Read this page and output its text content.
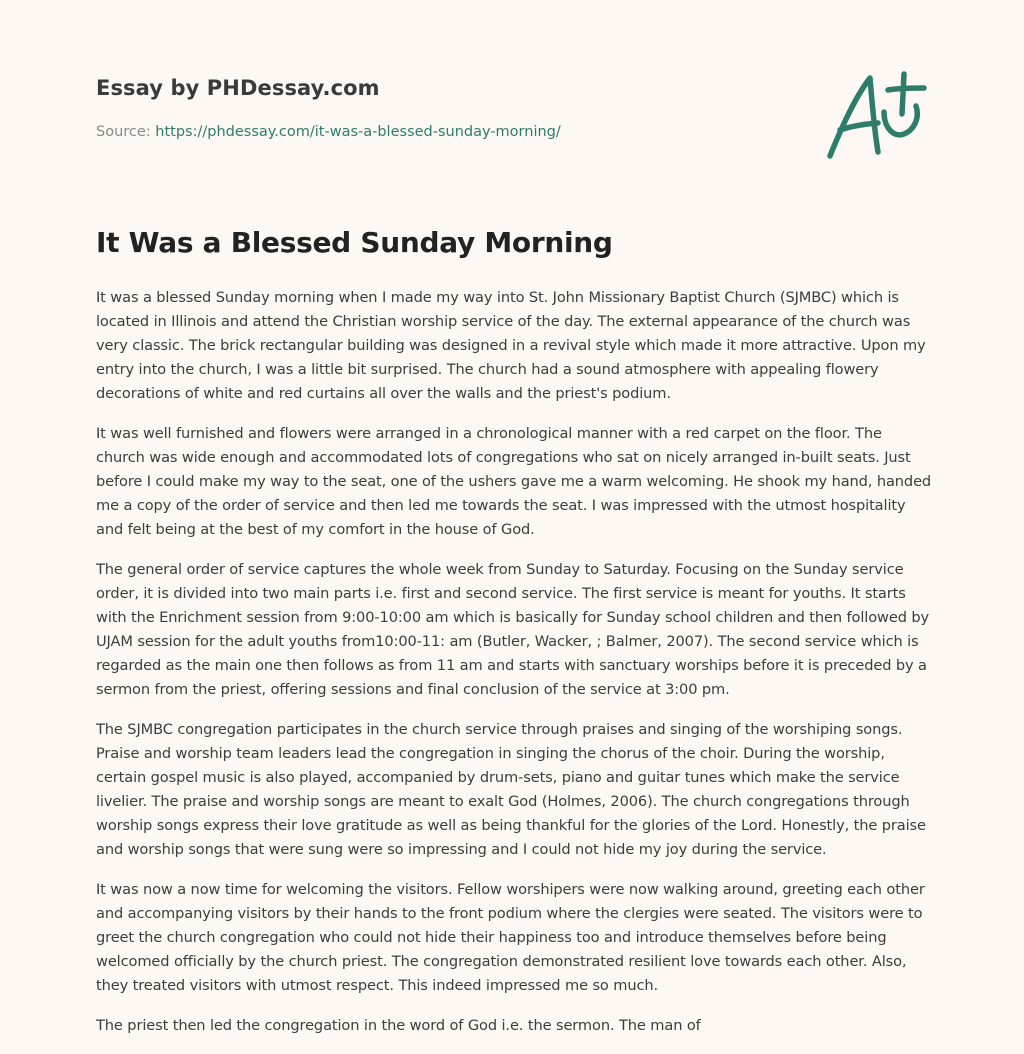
Essay by PHDessay.com
Source: https://phdessay.com/it-was-a-blessed-sunday-morning/
It Was a Blessed Sunday Morning

It was a blessed Sunday morning when I made my way into St. John Missionary Baptist Church (SJMBC) which is located in Illinois and attend the Christian worship service of the day. The external appearance of the church was very classic. The brick rectangular building was designed in a revival style which made it more attractive. Upon my entry into the church, I was a little bit surprised. The church had a sound atmosphere with appealing flowery decorations of white and red curtains all over the walls and the priest's podium.

It was well furnished and flowers were arranged in a chronological manner with a red carpet on the floor. The church was wide enough and accommodated lots of congregations who sat on nicely arranged in-built seats. Just before I could make my way to the seat, one of the ushers gave me a warm welcoming. He shook my hand, handed me a copy of the order of service and then led me towards the seat. I was impressed with the utmost hospitality and felt being at the best of my comfort in the house of God.

The general order of service captures the whole week from Sunday to Saturday. Focusing on the Sunday service order, it is divided into two main parts i.e. first and second service. The first service is meant for youths. It starts with the Enrichment session from 9:00-10:00 am which is basically for Sunday school children and then followed by UJAM session for the adult youths from10:00-11: am (Butler, Wacker, ; Balmer, 2007). The second service which is regarded as the main one then follows as from 11 am and starts with sanctuary worships before it is preceded by a sermon from the priest, offering sessions and final conclusion of the service at 3:00 pm.

The SJMBC congregation participates in the church service through praises and singing of the worshiping songs. Praise and worship team leaders lead the congregation in singing the chorus of the choir. During the worship, certain gospel music is also played, accompanied by drum-sets, piano and guitar tunes which make the service livelier. The praise and worship songs are meant to exalt God (Holmes, 2006). The church congregations through worship songs express their love gratitude as well as being thankful for the glories of the Lord. Honestly, the praise and worship songs that were sung were so impressing and I could not hide my joy during the service.

It was now a now time for welcoming the visitors. Fellow worshipers were now walking around, greeting each other and accompanying visitors by their hands to the front podium where the clergies were seated. The visitors were to greet the church congregation who could not hide their happiness too and introduce themselves before being welcomed officially by the church priest. The congregation demonstrated resilient love towards each other. Also, they treated visitors with utmost respect. This indeed impressed me so much.

The priest then led the congregation in the word of God i.e. the sermon. The man of
